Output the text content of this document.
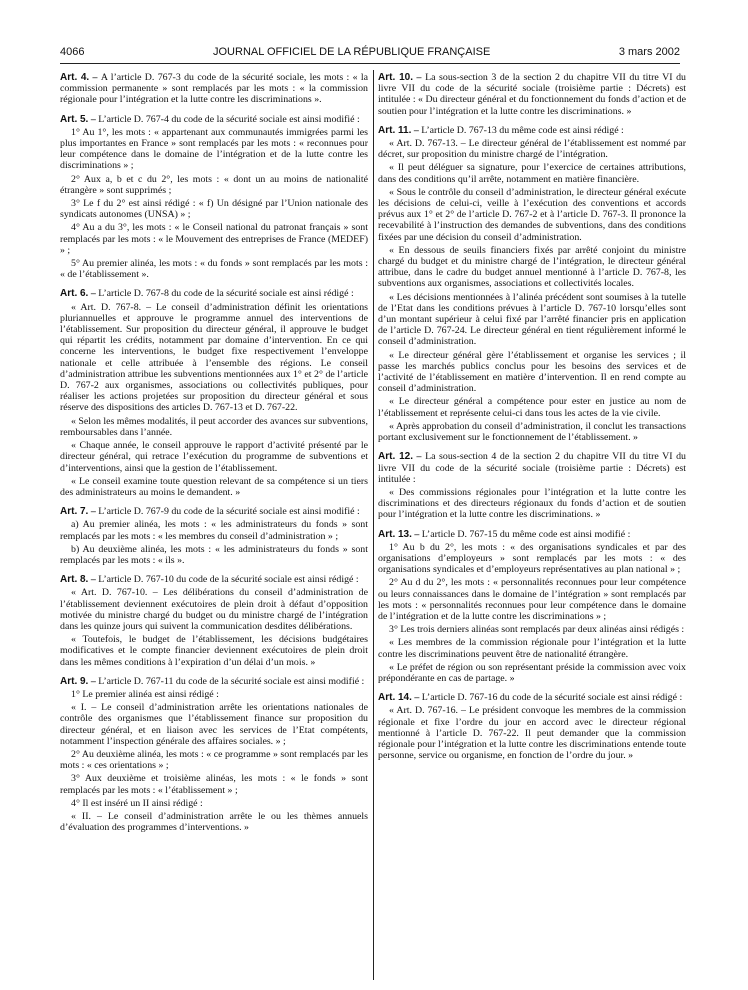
4066	JOURNAL OFFICIEL DE LA RÉPUBLIQUE FRANÇAISE	3 mars 2002

Art. 4. – A l’article D. 767-3 du code de la sécurité sociale, les mots : « la commission permanente » sont remplacés par les mots : « la commission régionale pour l’intégration et la lutte contre les discriminations ».

Art. 5. – L’article D. 767-4 du code de la sécurité sociale est ainsi modifié :

1° Au 1°, les mots : « appartenant aux communautés immigrées parmi les plus importantes en France » sont remplacés par les mots : « reconnues pour leur compétence dans le domaine de l’intégration et de la lutte contre les discriminations » ;

2° Aux a, b et c du 2°, les mots : « dont un au moins de nationalité étrangère » sont supprimés ;

3° Le f du 2° est ainsi rédigé : « f) Un désigné par l’Union nationale des syndicats autonomes (UNSA) » ;

4° Au a du 3°, les mots : « le Conseil national du patronat français » sont remplacés par les mots : « le Mouvement des entreprises de France (MEDEF) » ;

5° Au premier alinéa, les mots : « du fonds » sont remplacés par les mots : « de l’établissement ».

Art. 6. – L’article D. 767-8 du code de la sécurité sociale est ainsi rédigé :

« Art. D. 767-8. – Le conseil d’administration définit les orientations pluriannuelles et approuve le programme annuel des interventions de l’établissement. Sur proposition du directeur général, il approuve le budget qui répartit les crédits, notamment par domaine d’intervention. En ce qui concerne les interventions, le budget fixe respectivement l’enveloppe nationale et celle attribuée à l’ensemble des régions. Le conseil d’administration attribue les subventions mentionnées aux 1° et 2° de l’article D. 767-2 aux organismes, associations ou collectivités publiques, pour réaliser les actions projetées sur proposition du directeur général et sous réserve des dispositions des articles D. 767-13 et D. 767-22.

« Selon les mêmes modalités, il peut accorder des avances sur subventions, remboursables dans l’année.

« Chaque année, le conseil approuve le rapport d’activité présenté par le directeur général, qui retrace l’exécution du programme de subventions et d’interventions, ainsi que la gestion de l’établissement.

« Le conseil examine toute question relevant de sa compétence si un tiers des administrateurs au moins le demandent. »

Art. 7. – L’article D. 767-9 du code de la sécurité sociale est ainsi modifié :

a) Au premier alinéa, les mots : « les administrateurs du fonds » sont remplacés par les mots : « les membres du conseil d’administration » ;

b) Au deuxième alinéa, les mots : « les administrateurs du fonds » sont remplacés par les mots : « ils ».

Art. 8. – L’article D. 767-10 du code de la sécurité sociale est ainsi rédigé :

« Art. D. 767-10. – Les délibérations du conseil d’administration de l’établissement deviennent exécutoires de plein droit à défaut d’opposition motivée du ministre chargé du budget ou du ministre chargé de l’intégration dans les quinze jours qui suivent la communication desdites délibérations.

« Toutefois, le budget de l’établissement, les décisions budgétaires modificatives et le compte financier deviennent exécutoires de plein droit dans les mêmes conditions à l’expiration d’un délai d’un mois. »

Art. 9. – L’article D. 767-11 du code de la sécurité sociale est ainsi modifié :

1° Le premier alinéa est ainsi rédigé :

« I. – Le conseil d’administration arrête les orientations nationales de contrôle des organismes que l’établissement finance sur proposition du directeur général, et en liaison avec les services de l’Etat compétents, notamment l’inspection générale des affaires sociales. » ;

2° Au deuxième alinéa, les mots : « ce programme » sont remplacés par les mots : « ces orientations » ;

3° Aux deuxième et troisième alinéas, les mots : « le fonds » sont remplacés par les mots : « l’établissement » ;

4° Il est inséré un II ainsi rédigé :

« II. – Le conseil d’administration arrête le ou les thèmes annuels d’évaluation des programmes d’interventions. »

Art. 10. – La sous-section 3 de la section 2 du chapitre VII du titre VI du livre VII du code de la sécurité sociale (troisième partie : Décrets) est intitulée : « Du directeur général et du fonctionnement du fonds d’action et de soutien pour l’intégration et la lutte contre les discriminations. »

Art. 11. – L’article D. 767-13 du même code est ainsi rédigé :

« Art. D. 767-13. – Le directeur général de l’établissement est nommé par décret, sur proposition du ministre chargé de l’intégration.

« Il peut déléguer sa signature, pour l’exercice de certaines attributions, dans des conditions qu’il arrête, notamment en matière financière.

« Sous le contrôle du conseil d’administration, le directeur général exécute les décisions de celui-ci, veille à l’exécution des conventions et accords prévus aux 1° et 2° de l’article D. 767-2 et à l’article D. 767-3. Il prononce la recevabilité à l’instruction des demandes de subventions, dans des conditions fixées par une décision du conseil d’administration.

« En dessous de seuils financiers fixés par arrêté conjoint du ministre chargé du budget et du ministre chargé de l’intégration, le directeur général attribue, dans le cadre du budget annuel mentionné à l’article D. 767-8, les subventions aux organismes, associations et collectivités locales.

« Les décisions mentionnées à l’alinéa précédent sont soumises à la tutelle de l’Etat dans les conditions prévues à l’article D. 767-10 lorsqu’elles sont d’un montant supérieur à celui fixé par l’arrêté financier pris en application de l’article D. 767-24. Le directeur général en tient régulièrement informé le conseil d’administration.

« Le directeur général gère l’établissement et organise les services ; il passe les marchés publics conclus pour les besoins des services et de l’activité de l’établissement en matière d’intervention. Il en rend compte au conseil d’administration.

« Le directeur général a compétence pour ester en justice au nom de l’établissement et représente celui-ci dans tous les actes de la vie civile.

« Après approbation du conseil d’administration, il conclut les transactions portant exclusivement sur le fonctionnement de l’établissement. »

Art. 12. – La sous-section 4 de la section 2 du chapitre VII du titre VI du livre VII du code de la sécurité sociale (troisième partie : Décrets) est intitulée :

« Des commissions régionales pour l’intégration et la lutte contre les discriminations et des directeurs régionaux du fonds d’action et de soutien pour l’intégration et la lutte contre les discriminations. »

Art. 13. – L’article D. 767-15 du même code est ainsi modifié :

1° Au b du 2°, les mots : « des organisations syndicales et par des organisations d’employeurs » sont remplacés par les mots : « des organisations syndicales et d’employeurs représentatives au plan national » ;

2° Au d du 2°, les mots : « personnalités reconnues pour leur compétence ou leurs connaissances dans le domaine de l’intégration » sont remplacés par les mots : « personnalités reconnues pour leur compétence dans le domaine de l’intégration et de la lutte contre les discriminations » ;

3° Les trois derniers alinéas sont remplacés par deux alinéas ainsi rédigés :

« Les membres de la commission régionale pour l’intégration et la lutte contre les discriminations peuvent être de nationalité étrangère.

« Le préfet de région ou son représentant préside la commission avec voix prépondérante en cas de partage. »

Art. 14. – L’article D. 767-16 du code de la sécurité sociale est ainsi rédigé :

« Art. D. 767-16. – Le président convoque les membres de la commission régionale et fixe l’ordre du jour en accord avec le directeur régional mentionné à l’article D. 767-22. Il peut demander que la commission régionale pour l’intégration et la lutte contre les discriminations entende toute personne, service ou organisme, en fonction de l’ordre du jour. »
